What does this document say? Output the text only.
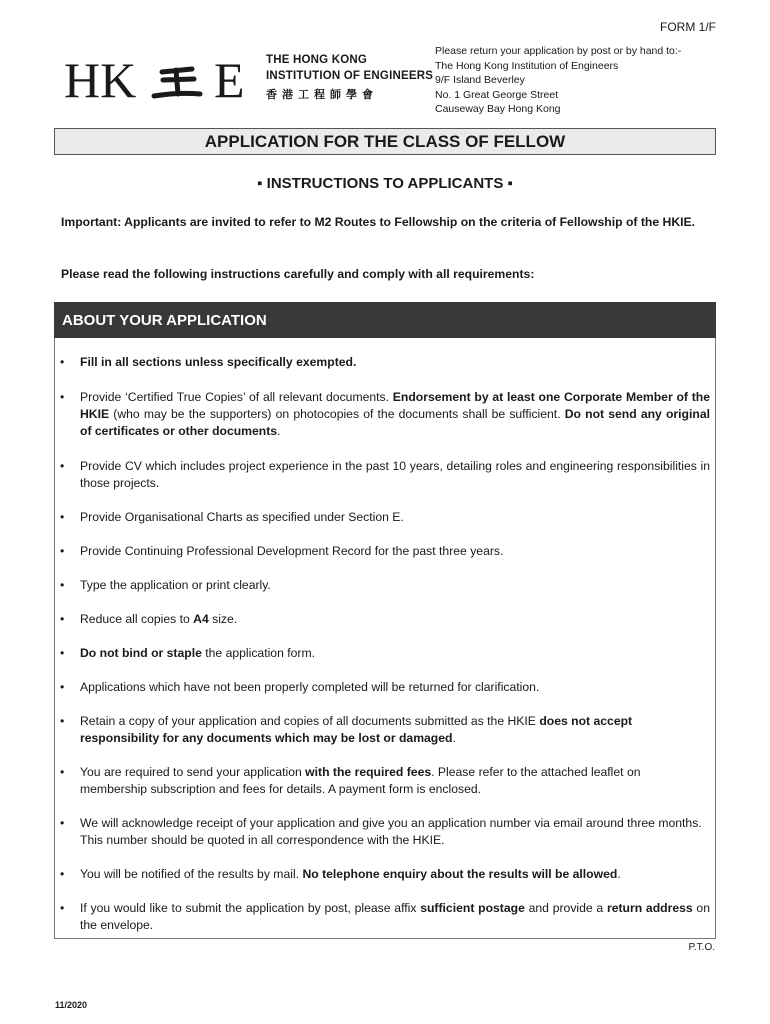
FORM 1/F
HK E THE HONG KONG
INSTITUTION OF ENGINEERS
香港工程師學會
Please return your application by post or by hand to:-
The Hong Kong Institution of Engineers
9/F Island Beverley
No. 1 Great George Street
Causeway Bay Hong Kong
APPLICATION FOR THE CLASS OF FELLOW
▪ INSTRUCTIONS TO APPLICANTS ▪
Important: Applicants are invited to refer to M2 Routes to Fellowship on the criteria of Fellowship of the HKIE.
Please read the following instructions carefully and comply with all requirements:
ABOUT YOUR APPLICATION
• Fill in all sections unless specifically exempted.
• Provide ‘Certified True Copies’ of all relevant documents. Endorsement by at least one Corporate Member of the HKIE (who may be the supporters) on photocopies of the documents shall be sufficient. Do not send any original of certificates or other documents.
• Provide CV which includes project experience in the past 10 years, detailing roles and engineering responsibilities in those projects.
• Provide Organisational Charts as specified under Section E.
• Provide Continuing Professional Development Record for the past three years.
• Type the application or print clearly.
• Reduce all copies to A4 size.
• Do not bind or staple the application form.
• Applications which have not been properly completed will be returned for clarification.
• Retain a copy of your application and copies of all documents submitted as the HKIE does not accept responsibility for any documents which may be lost or damaged.
• You are required to send your application with the required fees. Please refer to the attached leaflet on membership subscription and fees for details. A payment form is enclosed.
• We will acknowledge receipt of your application and give you an application number via email around three months. This number should be quoted in all correspondence with the HKIE.
• You will be notified of the results by mail. No telephone enquiry about the results will be allowed.
• If you would like to submit the application by post, please affix sufficient postage and provide a return address on the envelope.
P.T.O.
11/2020
